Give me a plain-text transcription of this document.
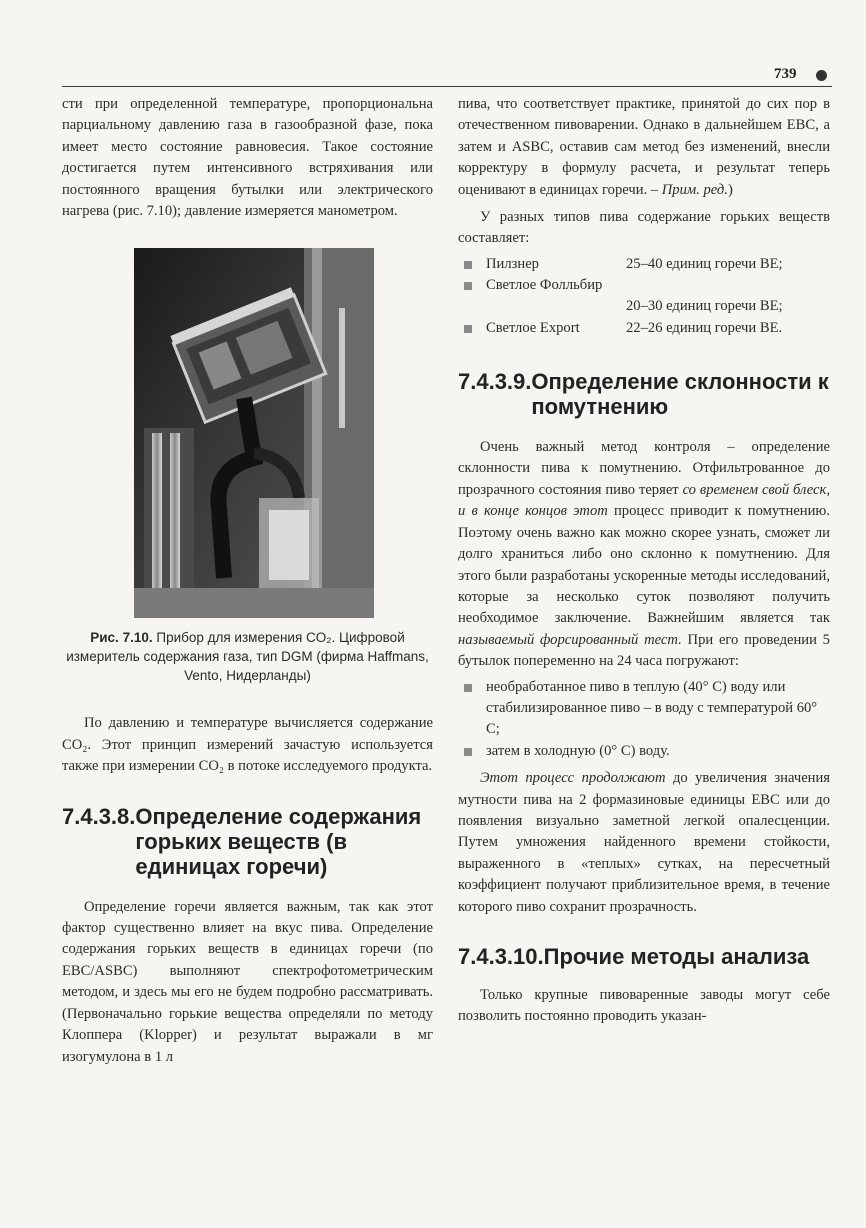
739

сти при определенной температуре, пропорциональна парциальному давлению газа в газообразной фазе, пока имеет место состояние равновесия. Такое состояние достигается путем интенсивного встряхивания или постоянного вращения бутылки или электрического нагрева (рис. 7.10); давление измеряется манометром.

Рис. 7.10. Прибор для измерения CO₂. Цифровой измеритель содержания газа, тип DGM (фирма Haffmans, Vento, Нидерланды)

По давлению и температуре вычисляется содержание CO₂. Этот принцип измерений зачастую используется также при измерении CO₂ в потоке исследуемого продукта.

7.4.3.8. Определение содержания горьких веществ (в единицах горечи)

Определение горечи является важным, так как этот фактор существенно влияет на вкус пива. Определение содержания горьких веществ в единицах горечи (по EBC/ASBC) выполняют спектрофотометрическим методом, и здесь мы его не будем подробно рассматривать. (Первоначально горькие вещества определяли по методу Клоппера (Klopper) и результат выражали в мг изогумулона в 1 л

пива, что соответствует практике, принятой до сих пор в отечественном пивоварении. Однако в дальнейшем EBC, а затем и ASBC, оставив сам метод без изменений, внесли корректуру в формулу расчета, и результат теперь оценивают в единицах горечи. – Прим. ред.)

У разных типов пива содержание горьких веществ составляет:

Пилзнер	25–40 единиц горечи BE;
Светлое Фолльбир
20–30 единиц горечи BE;
Светлое Export	22–26 единиц горечи BE.
7.4.3.9. Определение склонности к помутнению

Очень важный метод контроля – определение склонности пива к помутнению. Отфильтрованное до прозрачного состояния пиво теряет со временем свой блеск, и в конце концов этот процесс приводит к помутнению. Поэтому очень важно как можно скорее узнать, сможет ли долго храниться либо оно склонно к помутнению. Для этого были разработаны ускоренные методы исследований, которые за несколько суток позволяют получить необходимое заключение. Важнейшим является так называемый форсированный тест. При его проведении 5 бутылок попеременно на 24 часа погружают:

необработанное пиво в теплую (40° С) воду или стабилизированное пиво – в воду с температурой 60° С;
затем в холодную (0° С) воду.

Этот процесс продолжают до увеличения значения мутности пива на 2 формазиновые единицы EBC или до появления визуально заметной легкой опалесценции. Путем умножения найденного времени стойкости, выраженного в «теплых» сутках, на пересчетный коэффициент получают приблизительное время, в течение которого пиво сохранит прозрачность.

7.4.3.10. Прочие методы анализа

Только крупные пивоваренные заводы могут себе позволить постоянно проводить указан-
